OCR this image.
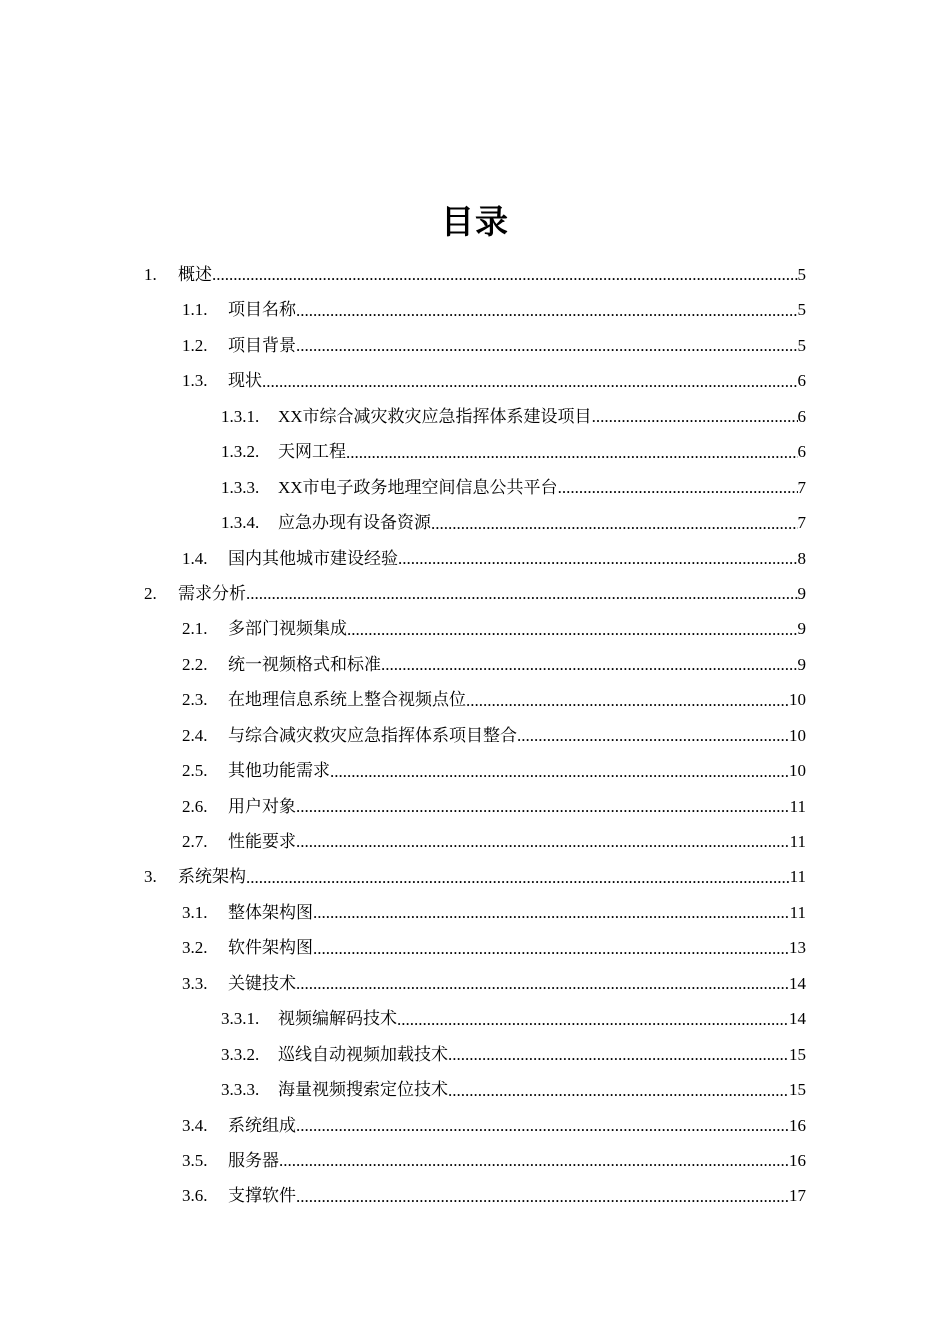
目录
1.	概述 .....	5
1.1.	项目名称 .....	5
1.2.	项目背景 .....	5
1.3.	现状 .....	6
1.3.1.	XX市综合减灾救灾应急指挥体系建设项目 .....	6
1.3.2.	天网工程 .....	6
1.3.3.	XX市电子政务地理空间信息公共平台 .....	7
1.3.4.	应急办现有设备资源 .....	7
1.4.	国内其他城市建设经验 .....	8
2.	需求分析 .....	9
2.1.	多部门视频集成 .....	9
2.2.	统一视频格式和标准 .....	9
2.3.	在地理信息系统上整合视频点位 .....	10
2.4.	与综合减灾救灾应急指挥体系项目整合 .....	10
2.5.	其他功能需求 .....	10
2.6.	用户对象 .....	11
2.7.	性能要求 .....	11
3.	系统架构 .....	11
3.1.	整体架构图 .....	11
3.2.	软件架构图 .....	13
3.3.	关键技术 .....	14
3.3.1.	视频编解码技术 .....	14
3.3.2.	巡线自动视频加载技术 .....	15
3.3.3.	海量视频搜索定位技术 .....	15
3.4.	系统组成 .....	16
3.5.	服务器 .....	16
3.6.	支撑软件 .....	17
